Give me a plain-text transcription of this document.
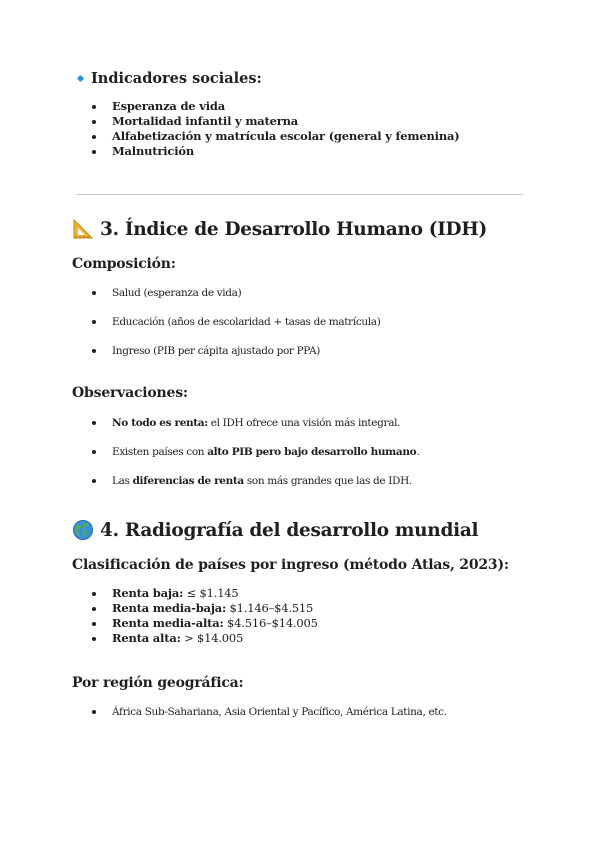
Indicadores sociales:
Esperanza de vida
Mortalidad infantil y materna
Alfabetización y matrícula escolar (general y femenina)
Malnutrición
3. Índice de Desarrollo Humano (IDH)
Composición:
Salud (esperanza de vida)
Educación (años de escolaridad + tasas de matrícula)
Ingreso (PIB per cápita ajustado por PPA)
Observaciones:
No todo es renta: el IDH ofrece una visión más integral.
Existen países con alto PIB pero bajo desarrollo humano.
Las diferencias de renta son más grandes que las de IDH.
4. Radiografía del desarrollo mundial
Clasificación de países por ingreso (método Atlas, 2023):
Renta baja: ≤ $1.145
Renta media-baja: $1.146–$4.515
Renta media-alta: $4.516–$14.005
Renta alta: > $14.005
Por región geográfica:
África Sub-Sahariana, Asia Oriental y Pacífico, América Latina, etc.
